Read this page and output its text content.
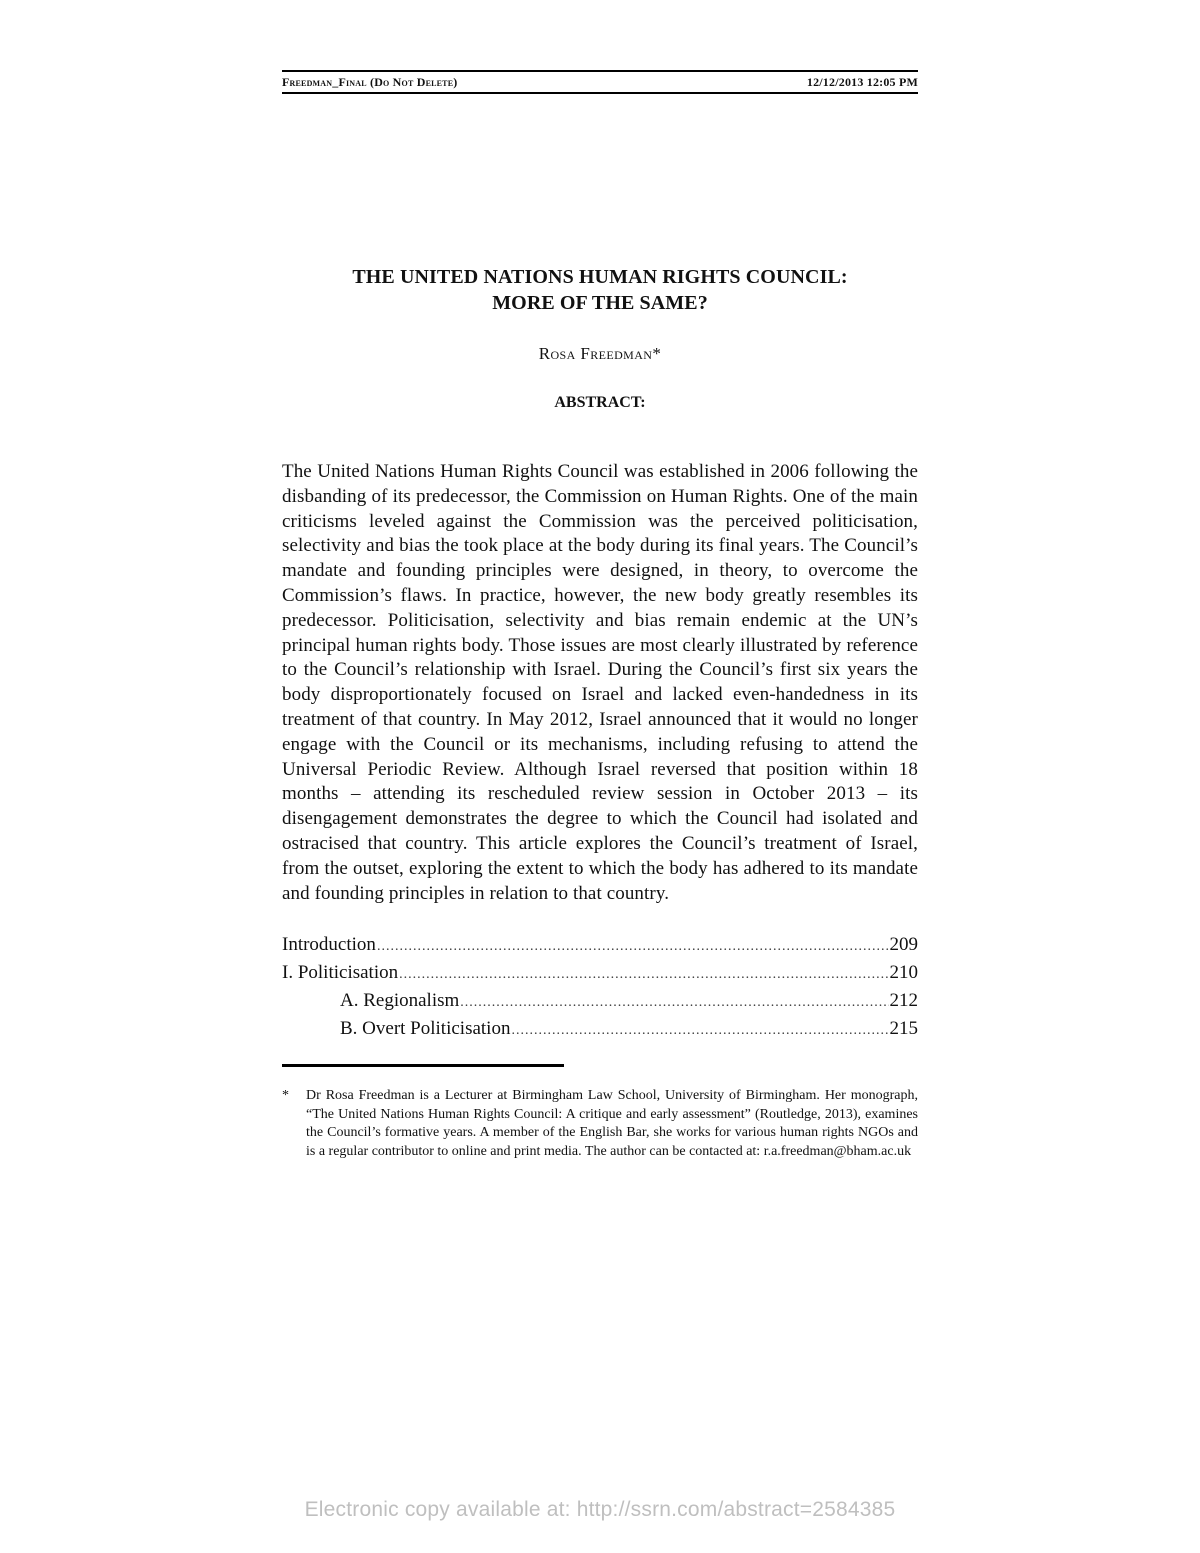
Freedman_Final (Do Not Delete)	12/12/2013 12:05 PM
THE UNITED NATIONS HUMAN RIGHTS COUNCIL:
MORE OF THE SAME?
Rosa Freedman*
ABSTRACT:

The United Nations Human Rights Council was established in 2006 following the disbanding of its predecessor, the Commission on Human Rights. One of the main criticisms leveled against the Commission was the perceived politicisation, selectivity and bias the took place at the body during its final years. The Council’s mandate and founding principles were designed, in theory, to overcome the Commission’s flaws. In practice, however, the new body greatly resembles its predecessor. Politicisation, selectivity and bias remain endemic at the UN’s principal human rights body. Those issues are most clearly illustrated by reference to the Council’s relationship with Israel. During the Council’s first six years the body disproportionately focused on Israel and lacked even-handedness in its treatment of that country. In May 2012, Israel announced that it would no longer engage with the Council or its mechanisms, including refusing to attend the Universal Periodic Review. Although Israel reversed that position within 18 months – attending its rescheduled review session in October 2013 – its disengagement demonstrates the degree to which the Council had isolated and ostracised that country. This article explores the Council’s treatment of Israel, from the outset, exploring the extent to which the body has adhered to its mandate and founding principles in relation to that country.

Introduction .....	209
I. Politicisation .....	210
A. Regionalism .....	212
B. Overt Politicisation .....	215

* Dr Rosa Freedman is a Lecturer at Birmingham Law School, University of Birmingham. Her monograph, “The United Nations Human Rights Council: A critique and early assessment” (Routledge, 2013), examines the Council’s formative years. A member of the English Bar, she works for various human rights NGOs and is a regular contributor to online and print media. The author can be contacted at: r.a.freedman@bham.ac.uk

Electronic copy available at: http://ssrn.com/abstract=2584385
